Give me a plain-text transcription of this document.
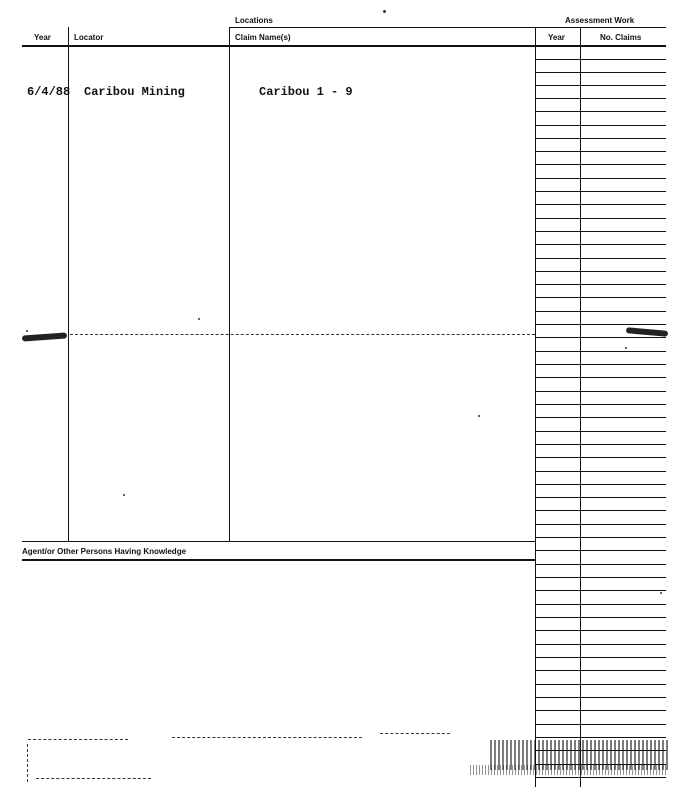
Locations	Assessment Work
Year	Locator	Claim Name(s)	Year	No. Claims
6/4/88 Caribou Mining	Caribou 1 - 9
Agent/or Other Persons Having Knowledge
